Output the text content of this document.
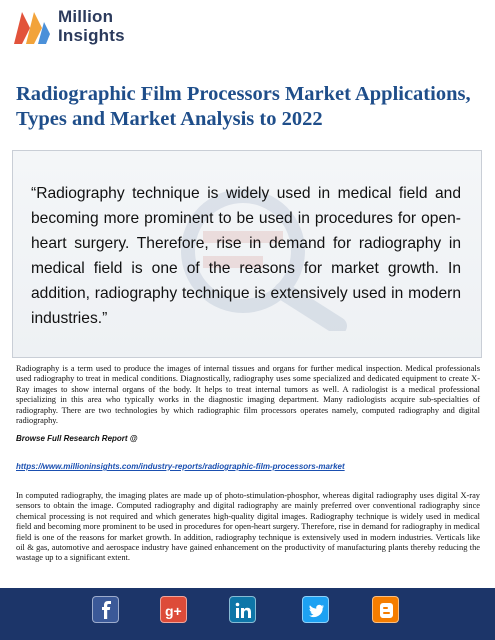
Million
Insights
Radiographic Film Processors Market Applications, Types and Market Analysis to 2022

“Radiography technique is widely used in medical field and becoming more prominent to be used in procedures for open-heart surgery. Therefore, rise in demand for radiography in medical field is one of the reasons for market growth. In addition, radiography technique is extensively used in modern industries.”

Radiography is a term used to produce the images of internal tissues and organs for further medical inspection. Medical professionals used radiography to treat in medical conditions. Diagnostically, radiography uses some specialized and dedicated equipment to create X-Ray images to show internal organs of the body. It helps to treat internal tumors as well. A radiologist is a medical professional specializing in this area who typically works in the diagnostic imaging department. Many radiologists acquire sub-specialties of radiography. There are two technologies by which radiographic film processors operates namely, computed radiography and digital radiography.

Browse Full Research Report @
https://www.millioninsights.com/industry-reports/radiographic-film-processors-market

In computed radiography, the imaging plates are made up of photo-stimulation-phosphor, whereas digital radiography uses digital X-ray sensors to obtain the image. Computed radiography and digital radiography are mainly preferred over conventional radiography since chemical processing is not required and which generates high-quality digital images. Radiography technique is widely used in medical field and becoming more prominent to be used in procedures for open-heart surgery. Therefore, rise in demand for radiography in medical field is one of the reasons for market growth. In addition, radiography technique is extensively used in modern industries. Verticals like oil & gas, automotive and aerospace industry have gained enhancement on the productivity of manufacturing plants thereby reducing the wastage up to a significant extent.

g+
